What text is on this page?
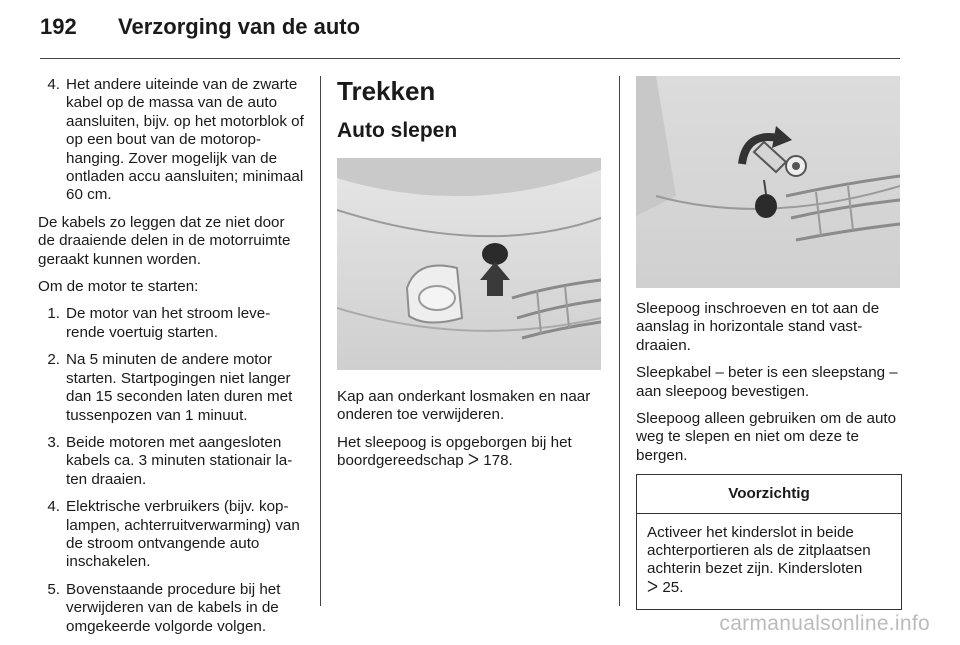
192	Verzorging van de auto
4. Het andere uiteinde van de zwarte kabel op de massa van de auto aansluiten, bijv. op het motorblok of op een bout van de motorophanging. Zover mogelijk van de ontladen accu aansluiten; minimaal 60 cm.

De kabels zo leggen dat ze niet door de draaiende delen in de motorruimte geraakt kunnen worden.

Om de motor te starten:

1. De motor van het stroom leverende voertuig starten.
2. Na 5 minuten de andere motor starten. Startpogingen niet langer dan 15 seconden laten duren met tussenpozen van 1 minuut.
3. Beide motoren met aangesloten kabels ca. 3 minuten stationair laten draaien.
4. Elektrische verbruikers (bijv. koplampen, achterruitverwarming) van de stroom ontvangende auto inschakelen.
5. Bovenstaande procedure bij het verwijderen van de kabels in de omgekeerde volgorde volgen.
Trekken
Auto slepen

Kap aan onderkant losmaken en naar onderen toe verwijderen.

Het sleepoog is opgeborgen bij het boordgereedschap ᐳ 178.

Sleepoog inschroeven en tot aan de aanslag in horizontale stand vastdraaien.

Sleepkabel – beter is een sleepstang – aan sleepoog bevestigen.

Sleepoog alleen gebruiken om de auto weg te slepen en niet om deze te bergen.

Voorzichtig
Activeer het kinderslot in beide achterportieren als de zitplaatsen achterin bezet zijn. Kindersloten
ᐳ 25.
carmanualsonline.info
